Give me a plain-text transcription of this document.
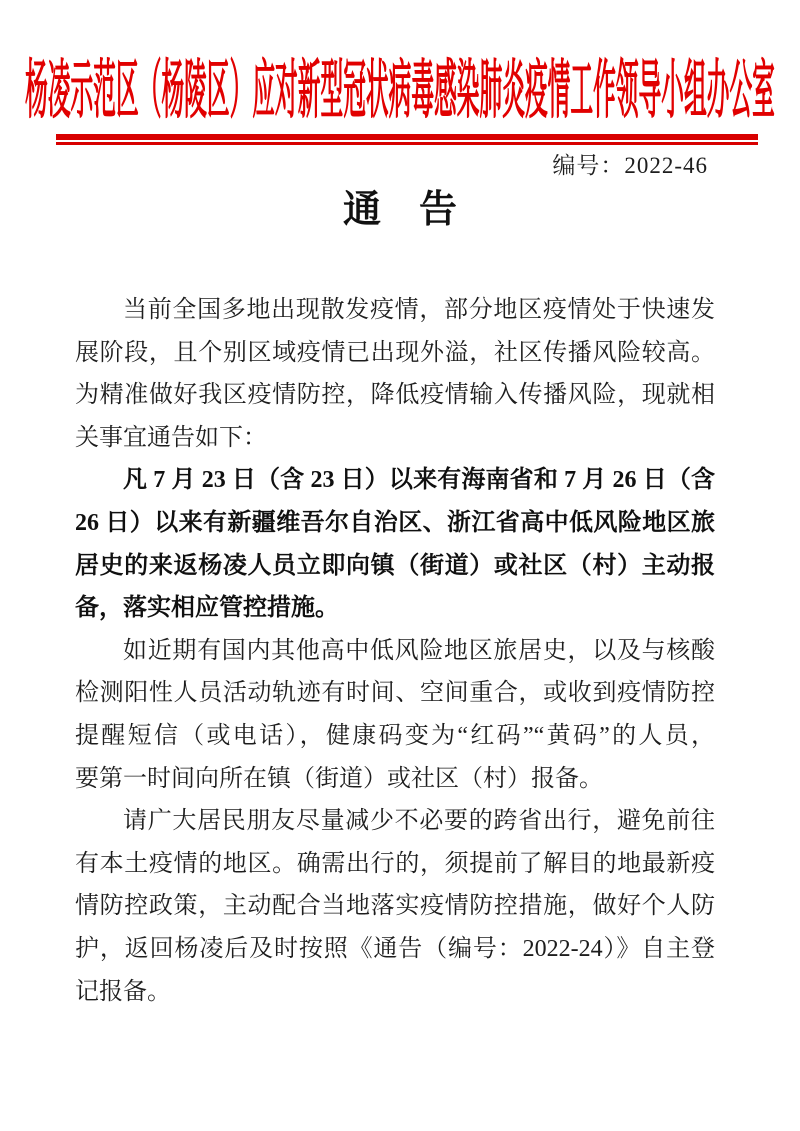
杨凌示范区（杨陵区）应对新型冠状病毒感染肺炎疫情工作领导小组办公室
编号：2022-46
通　告
当前全国多地出现散发疫情，部分地区疫情处于快速发
展阶段，且个别区域疫情已出现外溢，社区传播风险较高。
为精准做好我区疫情防控，降低疫情输入传播风险，现就相
关事宜通告如下：
凡 7 月 23 日（含 23 日）以来有海南省和 7 月 26 日（含
26 日）以来有新疆维吾尔自治区、浙江省高中低风险地区旅
居史的来返杨凌人员立即向镇（街道）或社区（村）主动报
备，落实相应管控措施。
如近期有国内其他高中低风险地区旅居史，以及与核酸
检测阳性人员活动轨迹有时间、空间重合，或收到疫情防控
提醒短信（或电话），健康码变为“红码”“黄码”的人员，
要第一时间向所在镇（街道）或社区（村）报备。
请广大居民朋友尽量减少不必要的跨省出行，避免前往
有本土疫情的地区。确需出行的，须提前了解目的地最新疫
情防控政策，主动配合当地落实疫情防控措施，做好个人防
护，返回杨凌后及时按照《通告（编号：2022-24）》自主登
记报备。
